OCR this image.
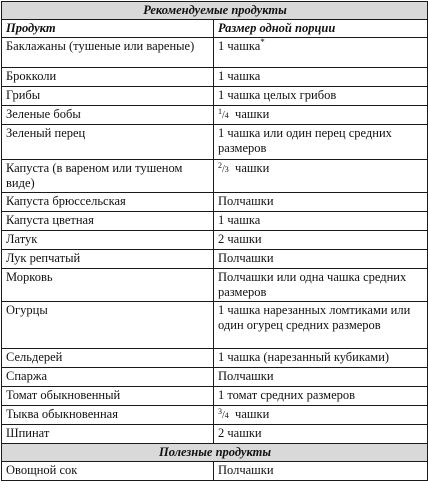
Рекомендуемые продукты	
Продукт	Размер одной порции
Баклажаны (тушеные или вареные)	1 чашка*
Брокколи	1 чашка
Грибы	1 чашка целых грибов
Зеленые бобы	$^1$/4 чашки
Зеленый перец	1 чашка или один перец средних размеров
Капуста (в вареном или тушеном виде)	$^2$/3 чашки
Капуста брюссельская	Полчашки
Капуста цветная	1 чашка
Латук	2 чашки
Лук репчатый	Полчашки
Морковь	Полчашки или одна чашка средних размеров
Огурцы	1 чашка нарезанных ломтиками или один огурец средних размеров
Сельдерей	1 чашка (нарезанный кубиками)
Спаржа	Полчашки
Томат обыкновенный	1 томат средних размеров
Тыква обыкновенная	$^3$/4 чашки
Шпинат	2 чашки
Полезные продукты	
Овощной сок	Полчашки
